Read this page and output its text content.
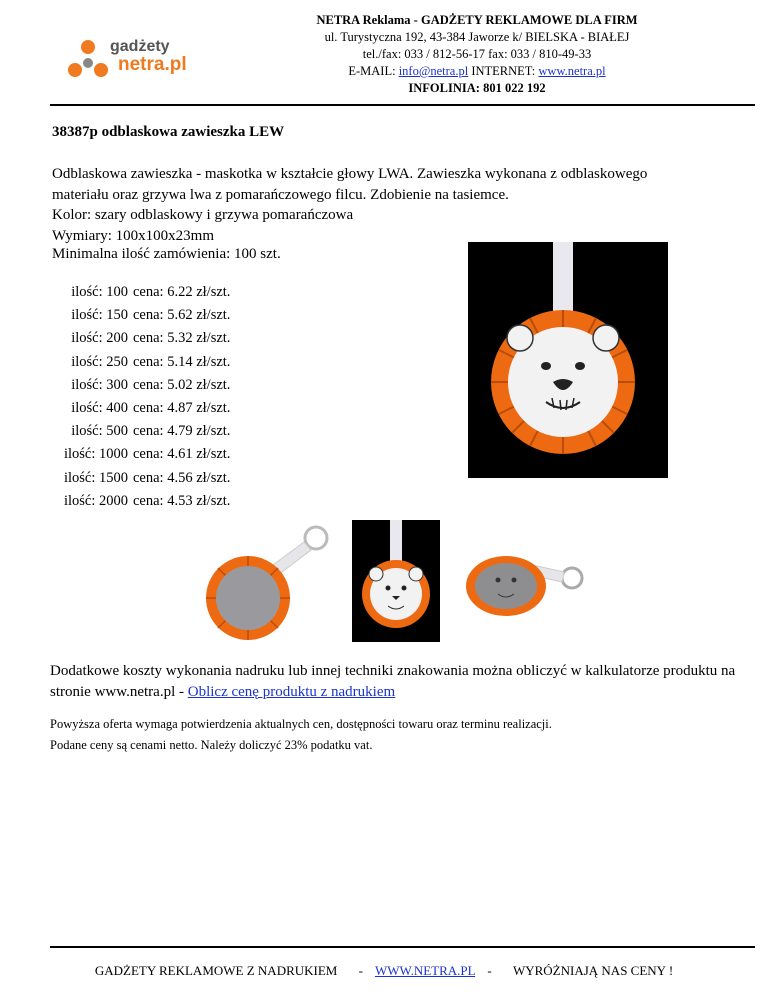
gadżety
netra.pl
NETRA Reklama - GADŻETY REKLAMOWE DLA FIRM
ul. Turystyczna 192, 43-384 Jaworze k/ BIELSKA - BIAŁEJ
tel./fax: 033 / 812-56-17 fax: 033 / 810-49-33
E-MAIL: info@netra.pl INTERNET: www.netra.pl
INFOLINIA: 801 022 192
38387p odblaskowa zawieszka LEW
Odblaskowa zawieszka - maskotka w kształcie głowy LWA. Zawieszka wykonana z odblaskowego materiału oraz grzywa lwa z pomarańczowego filcu. Zdobienie na tasiemce.
Kolor: szary odblaskowy i grzywa pomarańczowa
Wymiary: 100x100x23mm
Minimalna ilość zamówienia: 100 szt.
ilość: 100 cena: 6.22 zł/szt.
ilość: 150 cena: 5.62 zł/szt.
ilość: 200 cena: 5.32 zł/szt.
ilość: 250 cena: 5.14 zł/szt.
ilość: 300 cena: 5.02 zł/szt.
ilość: 400 cena: 4.87 zł/szt.
ilość: 500 cena: 4.79 zł/szt.
ilość: 1000 cena: 4.61 zł/szt.
ilość: 1500 cena: 4.56 zł/szt.
ilość: 2000 cena: 4.53 zł/szt.
Dodatkowe koszty wykonania nadruku lub innej techniki znakowania można obliczyć w kalkulatorze produktu na stronie www.netra.pl - Oblicz cenę produktu z nadrukiem
Powyższa oferta wymaga potwierdzenia aktualnych cen, dostępności towaru oraz terminu realizacji.
Podane ceny są cenami netto. Należy doliczyć 23% podatku vat.
GADŻETY REKLAMOWE Z NADRUKIEM - WWW.NETRA.PL - WYRÓŻNIAJĄ NAS CENY !
